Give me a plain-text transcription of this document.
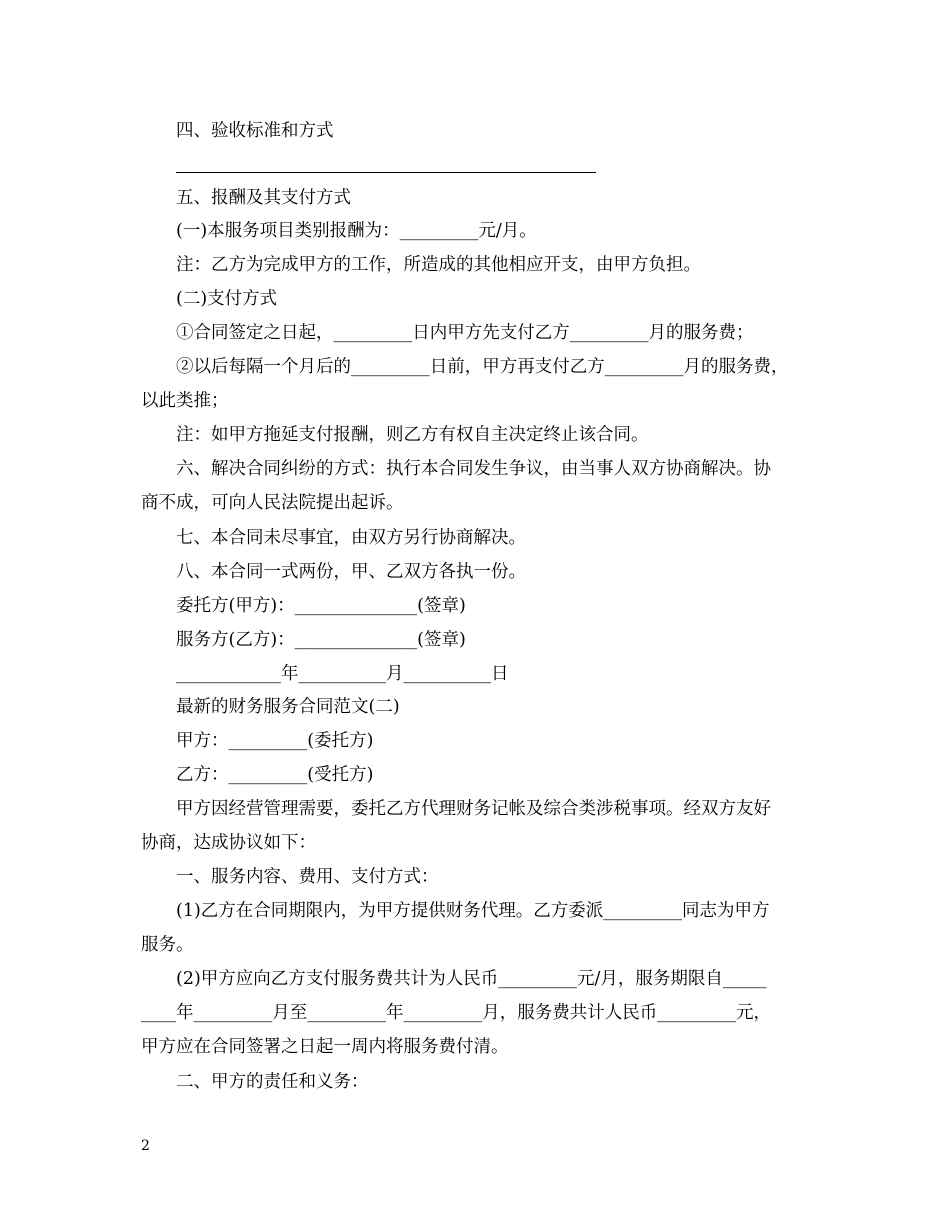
四、验收标准和方式
五、报酬及其支付方式
(一)本服务项目类别报酬为：_________元/月。
注：乙方为完成甲方的工作，所造成的其他相应开支，由甲方负担。
(二)支付方式
①合同签定之日起，_________日内甲方先支付乙方_________月的服务费；
②以后每隔一个月后的_________日前，甲方再支付乙方_________月的服务费，
以此类推；
注：如甲方拖延支付报酬，则乙方有权自主决定终止该合同。
六、解决合同纠纷的方式：执行本合同发生争议，由当事人双方协商解决。协
商不成，可向人民法院提出起诉。
七、本合同未尽事宜，由双方另行协商解决。
八、本合同一式两份，甲、乙双方各执一份。
委托方(甲方)：______________(签章)
服务方(乙方)：______________(签章)
____________年__________月__________日
最新的财务服务合同范文(二)
甲方：_________(委托方)
乙方：_________(受托方)
甲方因经营管理需要，委托乙方代理财务记帐及综合类涉税事项。经双方友好
协商，达成协议如下：
一、服务内容、费用、支付方式：
(1)乙方在合同期限内，为甲方提供财务代理。乙方委派_________同志为甲方
服务。
(2)甲方应向乙方支付服务费共计为人民币_________元/月，服务期限自_____
____年_________月至_________年_________月，服务费共计人民币_________元，
甲方应在合同签署之日起一周内将服务费付清。
二、甲方的责任和义务：
2
